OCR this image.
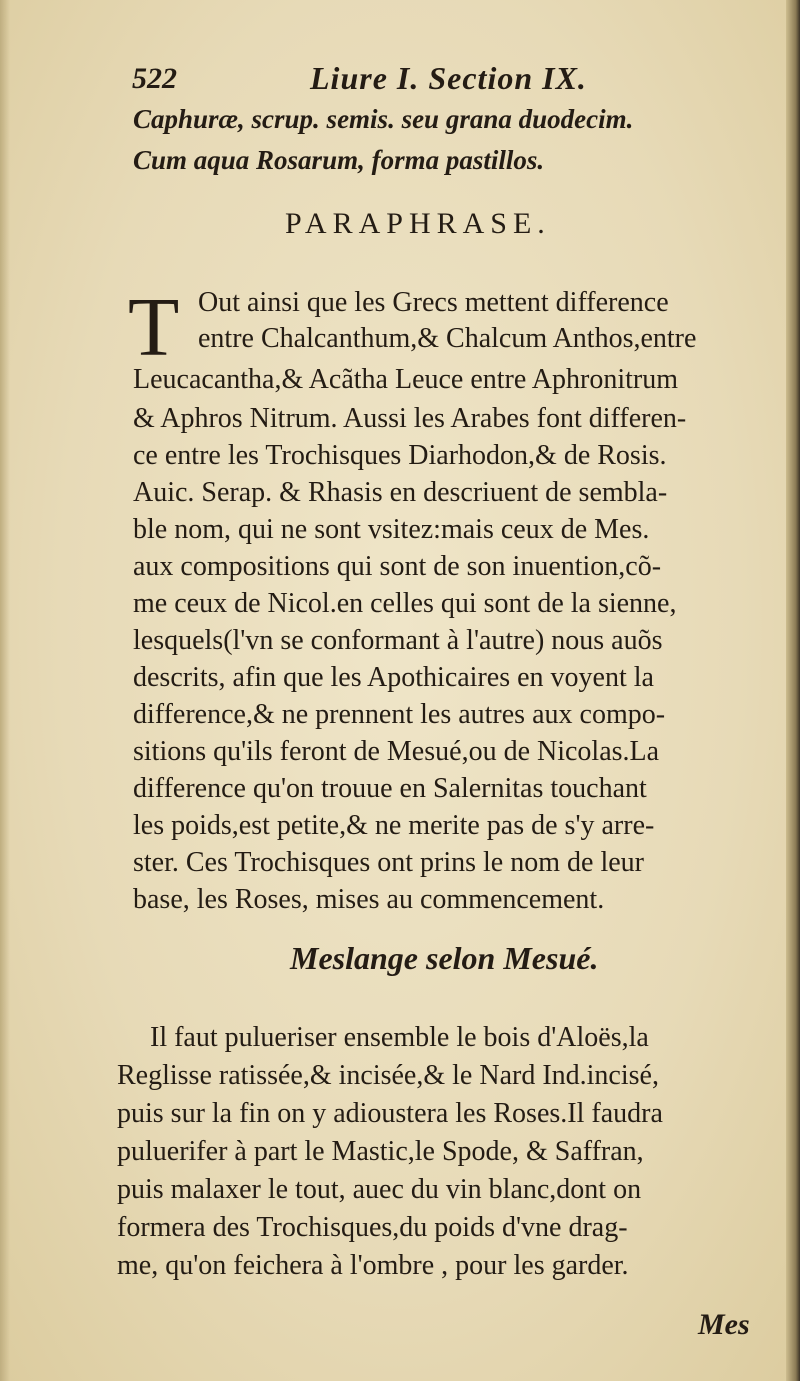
522	Liure I. Section IX.
Caphuræ, scrup. semis. seu grana duodecim.
Cum aqua Rosarum, forma pastillos.
PARAPHRASE.
T Out ainsi que les Grecs mettent difference
entre Chalcanthum,& Chalcum Anthos,entre
Leucacantha,& Acãtha Leuce entre Aphronitrum
& Aphros Nitrum. Aussi les Arabes font differen-
ce entre les Trochisques Diarhodon,& de Rosis.
Auic. Serap. & Rhasis en descriuent de sembla-
ble nom, qui ne sont vsitez:mais ceux de Mes.
aux compositions qui sont de son inuention,cõ-
me ceux de Nicol.en celles qui sont de la sienne,
lesquels(l'vn se conformant à l'autre) nous auõs
descrits, afin que les Apothicaires en voyent la
difference,& ne prennent les autres aux compo-
sitions qu'ils feront de Mesué,ou de Nicolas.La
difference qu'on trouue en Salernitas touchant
les poids,est petite,& ne merite pas de s'y arre-
ster. Ces Trochisques ont prins le nom de leur
base, les Roses, mises au commencement.
Meslange selon Mesué.
Il faut pulueriser ensemble le bois d'Aloës,la
Reglisse ratissée,& incisée,& le Nard Ind.incisé,
puis sur la fin on y adioustera les Roses.Il faudra
puluerifer à part le Mastic,le Spode, & Saffran,
puis malaxer le tout, auec du vin blanc,dont on
formera des Trochisques,du poids d'vne drag-
me, qu'on feichera à l'ombre , pour les garder.
Mes
